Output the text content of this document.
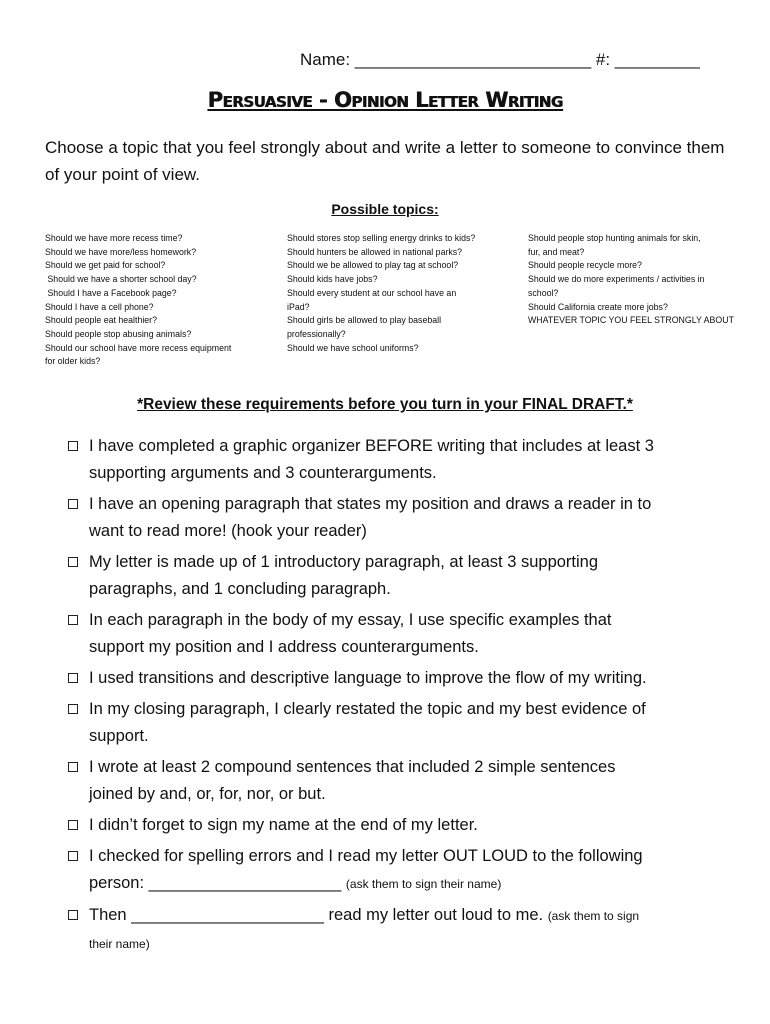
Name: _________________________ #: _________
Persuasive - Opinion Letter Writing
Choose a topic that you feel strongly about and write a letter to someone to convince them of your point of view.
Possible topics:
Should we have more recess time?
Should we have more/less homework?
Should we get paid for school?
Should we have a shorter school day?
Should I have a Facebook page?
Should I have a cell phone?
Should people eat healthier?
Should people stop abusing animals?
Should our school have more recess equipment
for older kids?
Should stores stop selling energy drinks to kids?
Should hunters be allowed in national parks?
Should we be allowed to play tag at school?
Should kids have jobs?
Should every student at our school have an
iPad?
Should girls be allowed to play baseball
professionally?
Should we have school uniforms?
Should people stop hunting animals for skin,
fur, and meat?
Should people recycle more?
Should we do more experiments / activities in
school?
Should California create more jobs?
WHATEVER TOPIC YOU FEEL STRONGLY ABOUT
*Review these requirements before you turn in your FINAL DRAFT.*
I have completed a graphic organizer BEFORE writing that includes at least 3
supporting arguments and 3 counterarguments.
I have an opening paragraph that states my position and draws a reader in to
want to read more! (hook your reader)
My letter is made up of 1 introductory paragraph, at least 3 supporting
paragraphs, and 1 concluding paragraph.
In each paragraph in the body of my essay, I use specific examples that
support my position and I address counterarguments.
I used transitions and descriptive language to improve the flow of my writing.
In my closing paragraph, I clearly restated the topic and my best evidence of
support.
I wrote at least 2 compound sentences that included 2 simple sentences
joined by and, or, for, nor, or but.
I didn’t forget to sign my name at the end of my letter.
I checked for spelling errors and I read my letter OUT LOUD to the following
person: _____________________ (ask them to sign their name)
Then _____________________ read my letter out loud to me. (ask them to sign
their name)
